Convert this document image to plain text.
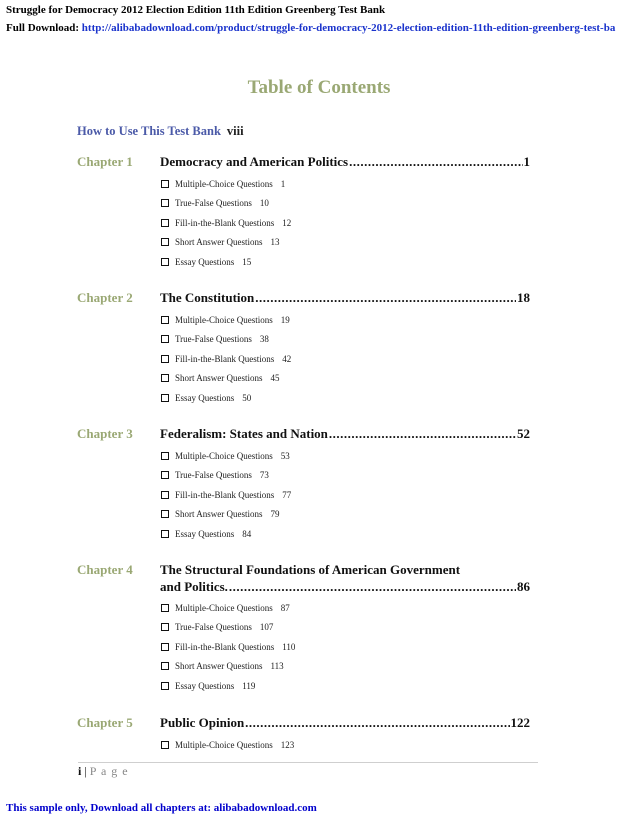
Struggle for Democracy 2012 Election Edition 11th Edition Greenberg Test Bank
Full Download: http://alibabadownload.com/product/struggle-for-democracy-2012-election-edition-11th-edition-greenberg-test-ba
Table of Contents
How to Use This Test Bank viii
Chapter 1 Democracy and American Politics .....	1
Multiple-Choice Questions 1
True-False Questions 10
Fill-in-the-Blank Questions 12
Short Answer Questions 13
Essay Questions 15
Chapter 2 The Constitution .....	18
Multiple-Choice Questions 19
True-False Questions 38
Fill-in-the-Blank Questions 42
Short Answer Questions 45
Essay Questions 50
Chapter 3 Federalism: States and Nation .....	52
Multiple-Choice Questions 53
True-False Questions 73
Fill-in-the-Blank Questions 77
Short Answer Questions 79
Essay Questions 84
Chapter 4 The Structural Foundations of American Government
and Politics. .....	86
Multiple-Choice Questions 87
True-False Questions 107
Fill-in-the-Blank Questions 110
Short Answer Questions 113
Essay Questions 119
Chapter 5 Public Opinion .....	122
Multiple-Choice Questions 123
i | P a g e
This sample only, Download all chapters at: alibabadownload.com
